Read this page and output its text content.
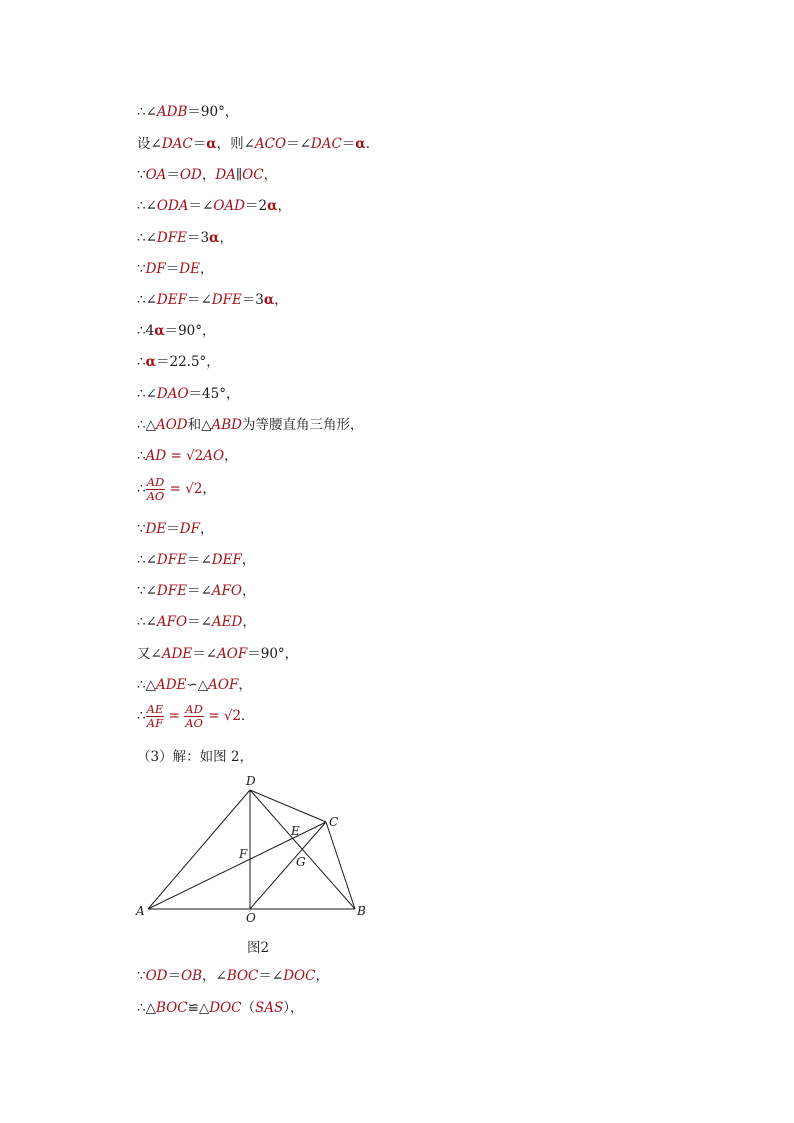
∴∠ADB＝90°，
设∠DAC＝α，则∠ACO＝∠DAC＝α．
∵OA＝OD，DA∥OC，
∴∠ODA＝∠OAD＝2α，
∴∠DFE＝3α，
∵DF＝DE，
∴∠DEF＝∠DFE＝3α，
∴4α＝90°，
∴α＝22.5°，
∴∠DAO＝45°，
∴△AOD和△ABD为等腰直角三角形，
∴AD = √2AO，
∴ $\frac{AD}{AO} = √2$，
∵DE＝DF，
∴∠DFE＝∠DEF，
∵∠DFE＝∠AFO，
∴∠AFO＝∠AED，
又∠ADE＝∠AOF＝90°，
∴△ADE∽△AOF，
∴ $\frac{AE}{AF} = \frac{AD}{AO} = √2$．
（3）解：如图 2，
D
C
E
F
G
A	O	B
图2
∵OD＝OB，∠BOC＝∠DOC，
∴△BOC≌△DOC（SAS），
